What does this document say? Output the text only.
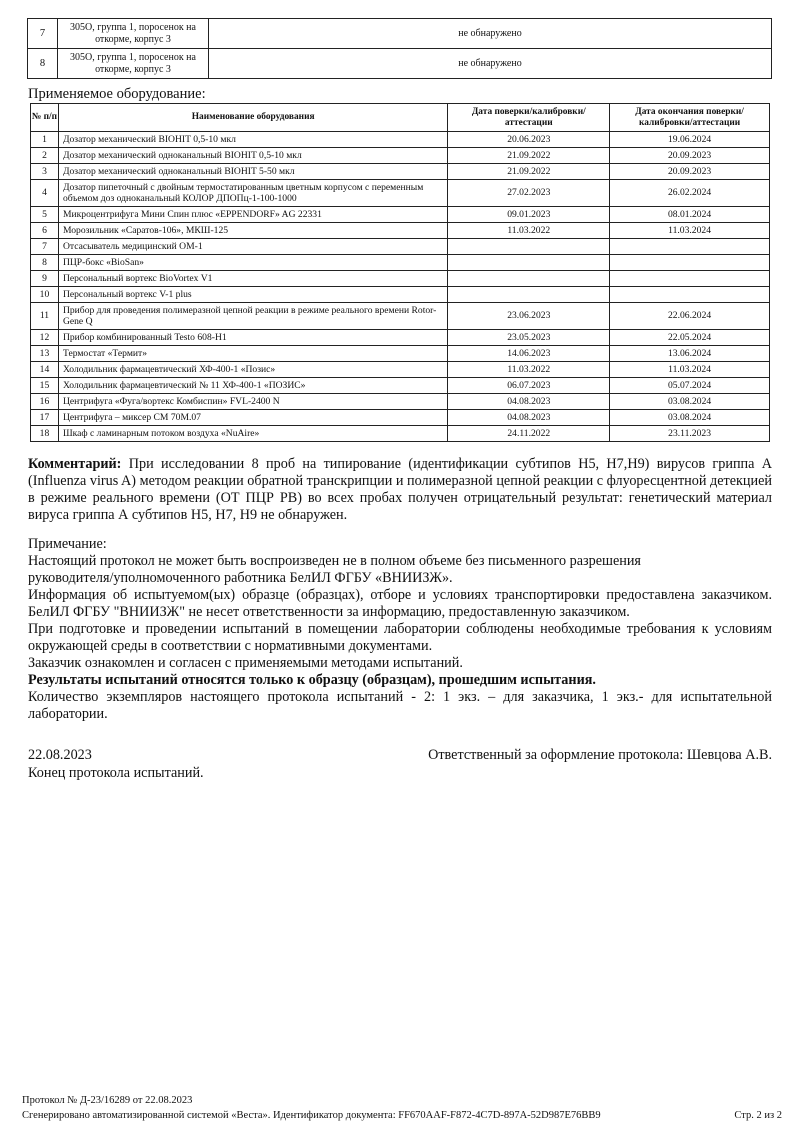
7	305О, группа 1, поросенок на откорме, корпус 3	не обнаружено
8	305О, группа 1, поросенок на откорме, корпус 3	не обнаружено
Применяемое оборудование:
№ п/п	Наименование оборудования	Дата поверки/калибровки/аттестации	Дата окончания поверки/калибровки/аттестации
1	Дозатор механический BIOHIT 0,5-10 мкл	20.06.2023	19.06.2024
2	Дозатор механический одноканальный BIOHIT 0,5-10 мкл	21.09.2022	20.09.2023
3	Дозатор механический одноканальный BIOHIT 5-50 мкл	21.09.2022	20.09.2023
4	Дозатор пипеточный с двойным термостатированным цветным корпусом с переменным объемом доз одноканальный КОЛОР ДПОПц-1-100-1000	27.02.2023	26.02.2024
5	Микроцентрифуга Мини Спин плюс «EPPENDORF» AG 22331	09.01.2023	08.01.2024
6	Морозильник «Саратов-106», МКШ-125	11.03.2022	11.03.2024
7	Отсасыватель медицинский ОМ-1		
8	ПЦР-бокс «BioSan»		
9	Персональный вортекс BioVortex V1		
10	Персональный вортекс V-1 plus		
11	Прибор для проведения полимеразной цепной реакции в режиме реального времени Rotor-Gene Q	23.06.2023	22.06.2024
12	Прибор комбинированный Testo 608-H1	23.05.2023	22.05.2024
13	Термостат «Термит»	14.06.2023	13.06.2024
14	Холодильник фармацевтический ХФ-400-1 «Позис»	11.03.2022	11.03.2024
15	Холодильник фармацевтический № 11 ХФ-400-1 «ПОЗИС»	06.07.2023	05.07.2024
16	Центрифуга «Фуга/вортекс Комбиспин» FVL-2400 N	04.08.2023	03.08.2024
17	Центрифуга – миксер СМ 70М.07	04.08.2023	03.08.2024
18	Шкаф с ламинарным потоком воздуха «NuAire»	24.11.2022	23.11.2023
Комментарий: При исследовании 8 проб на типирование (идентификации субтипов H5, H7,H9) вирусов гриппа А (Influenza virus A) методом реакции обратной транскрипции и полимеразной цепной реакции с флуоресцентной детекцией в режиме реального времени (ОТ ПЦР РВ) во всех пробах получен отрицательный результат: генетический материал вируса гриппа А субтипов H5, H7, H9 не обнаружен.

Примечание:

Настоящий протокол не может быть воспроизведен не в полном объеме без письменного разрешения руководителя/уполномоченного работника БелИЛ ФГБУ «ВНИИЗЖ».

Информация об испытуемом(ых) образце (образцах), отборе и условиях транспортировки предоставлена заказчиком. БелИЛ ФГБУ "ВНИИЗЖ" не несет ответственности за информацию, предоставленную заказчиком.

При подготовке и проведении испытаний в помещении лаборатории соблюдены необходимые требования к условиям окружающей среды в соответствии с нормативными документами.

Заказчик ознакомлен и согласен с применяемыми методами испытаний.

Результаты испытаний относятся только к образцу (образцам), прошедшим испытания.

Количество экземпляров настоящего протокола испытаний - 2: 1 экз. – для заказчика, 1 экз.- для испытательной лаборатории.

22.08.2023	Ответственный за оформление протокола: Шевцова А.В.
Конец протокола испытаний.
Протокол № Д-23/16289 от 22.08.2023
Сгенерировано автоматизированной системой «Веста». Идентификатор документа: FF670AAF-F872-4C7D-897A-52D987E76BB9	Стр. 2 из 2
